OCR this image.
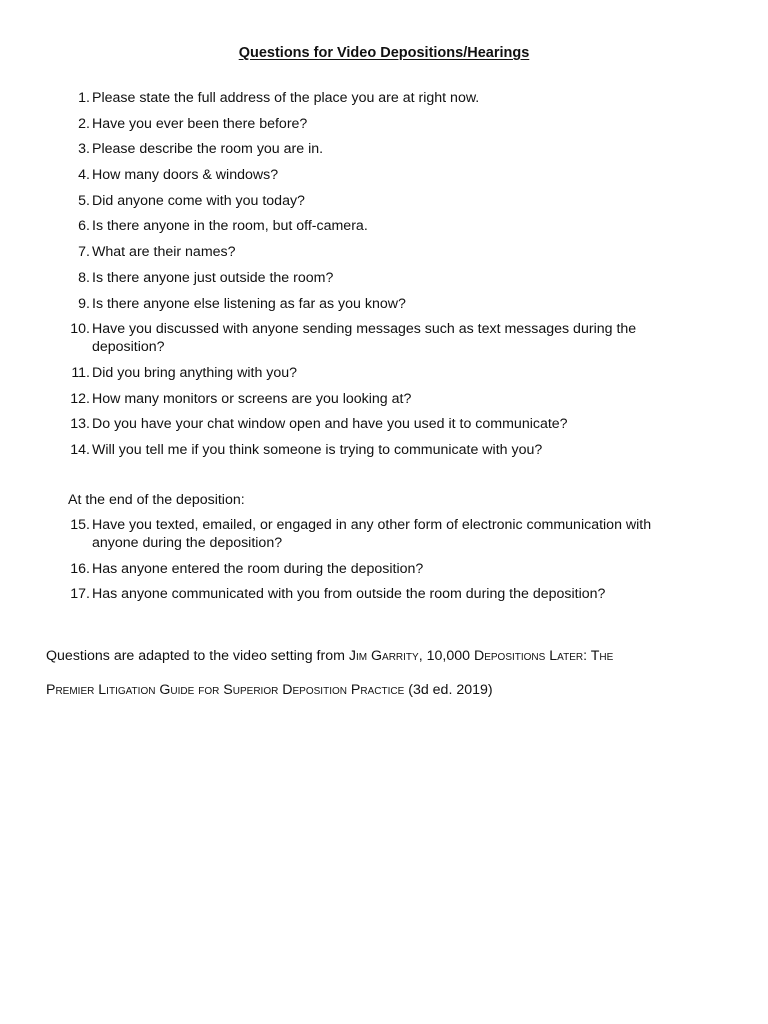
Questions for Video Depositions/Hearings
1. Please state the full address of the place you are at right now.
2. Have you ever been there before?
3. Please describe the room you are in.
4. How many doors & windows?
5. Did anyone come with you today?
6. Is there anyone in the room, but off-camera.
7. What are their names?
8. Is there anyone just outside the room?
9. Is there anyone else listening as far as you know?
10. Have you discussed with anyone sending messages such as text messages during the deposition?
11. Did you bring anything with you?
12. How many monitors or screens are you looking at?
13. Do you have your chat window open and have you used it to communicate?
14. Will you tell me if you think someone is trying to communicate with you?
At the end of the deposition:
15. Have you texted, emailed, or engaged in any other form of electronic communication with anyone during the deposition?
16. Has anyone entered the room during the deposition?
17. Has anyone communicated with you from outside the room during the deposition?
Questions are adapted to the video setting from Jim Garrity, 10,000 Depositions Later: The
Premier Litigation Guide for Superior Deposition Practice (3d ed. 2019)
